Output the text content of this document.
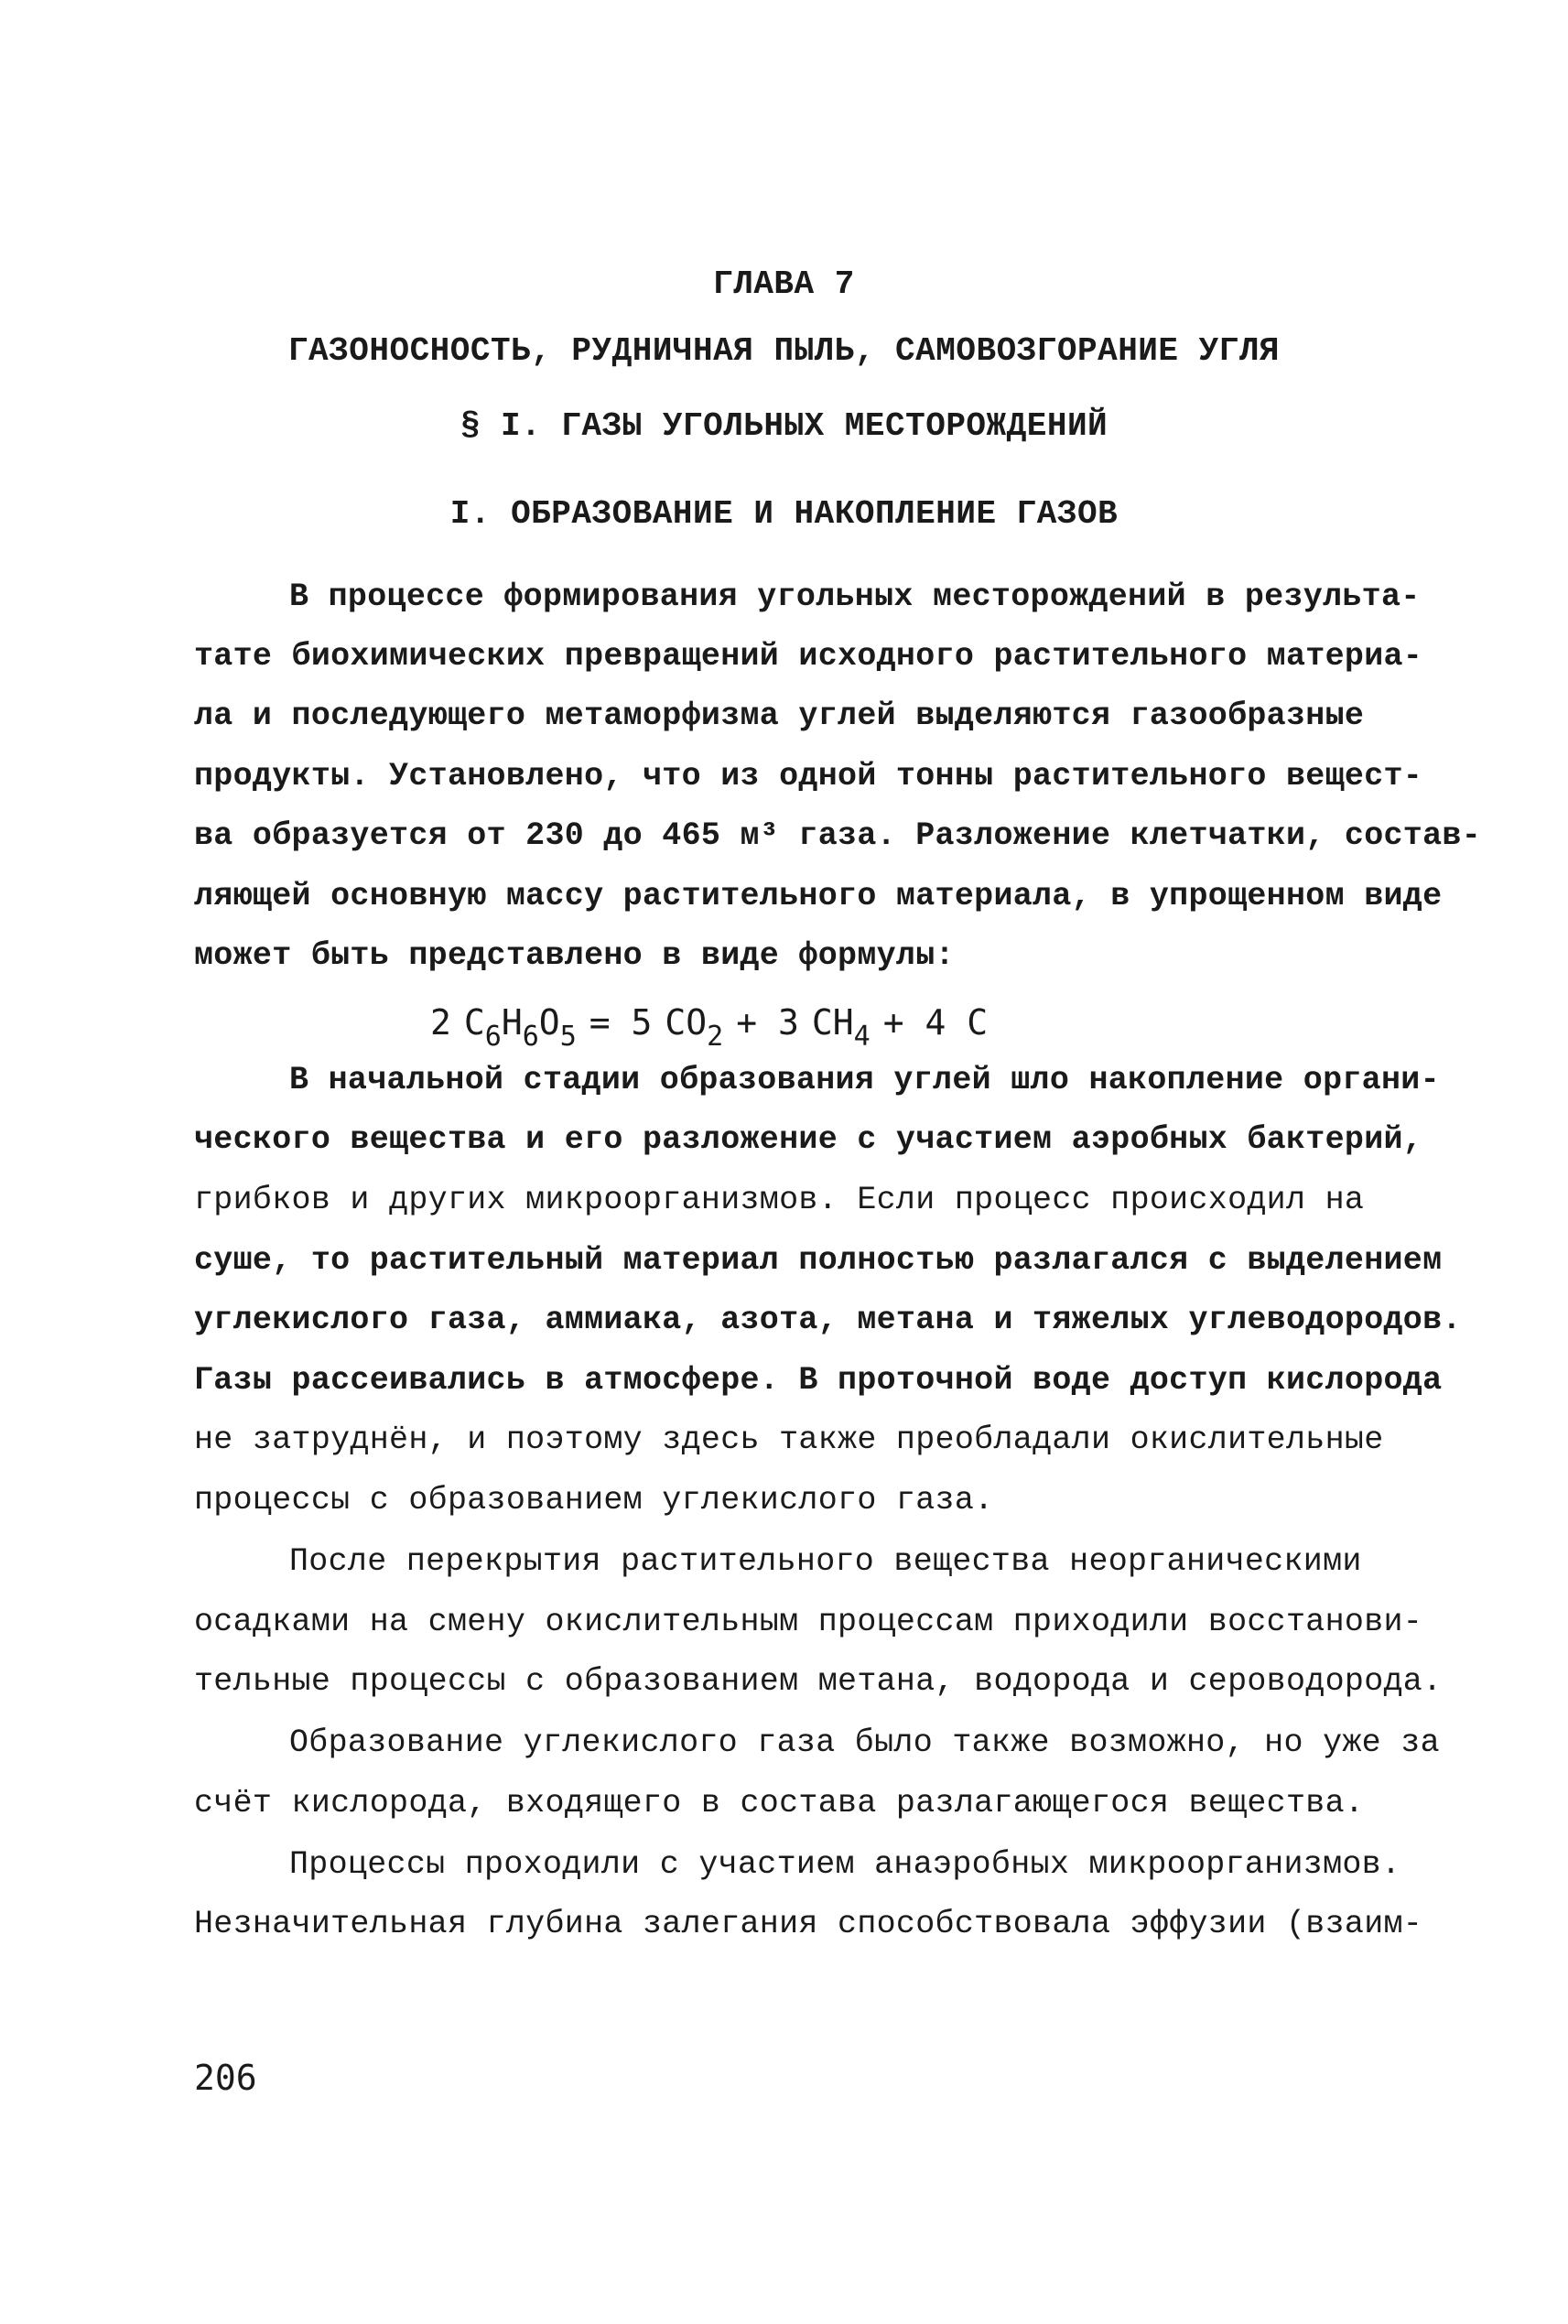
ГЛАВА 7
ГАЗОНОСНОСТЬ, РУДНИЧНАЯ ПЫЛЬ, САМОВОЗГОРАНИЕ УГЛЯ
§ I. ГАЗЫ УГОЛЬНЫХ МЕСТОРОЖДЕНИЙ
I. ОБРАЗОВАНИЕ И НАКОПЛЕНИЕ ГАЗОВ
В процессе формирования угольных месторождений в результа-
тате биохимических превращений исходного растительного материа-
ла и последующего метаморфизма углей выделяются газообразные
продукты. Установлено, что из одной тонны растительного вещест-
ва образуется от 230 до 465 м³ газа. Разложение клетчатки, состав-
ляющей основную массу растительного материала, в упрощенном виде
может быть представлено в виде формулы:
2 $C_6H_6O_5 = 5$ $CO_2 + 3$ $CH_4 + 4$ C
В начальной стадии образования углей шло накопление органи-
ческого вещества и его разложение с участием аэробных бактерий,
грибков и других микроорганизмов. Если процесс происходил на
суше, то растительный материал полностью разлагался с выделением
углекислого газа, аммиака, азота, метана и тяжелых углеводородов.
Газы рассеивались в атмосфере. В проточной воде доступ кислорода
не затруднён, и поэтому здесь также преобладали окислительные
процессы с образованием углекислого газа.
После перекрытия растительного вещества неорганическими
осадками на смену окислительным процессам приходили восстанови-
тельные процессы с образованием метана, водорода и сероводорода.
Образование углекислого газа было также возможно, но уже за
счёт кислорода, входящего в состава разлагающегося вещества.
Процессы проходили с участием анаэробных микроорганизмов.
Незначительная глубина залегания способствовала эффузии (взаим-
206
